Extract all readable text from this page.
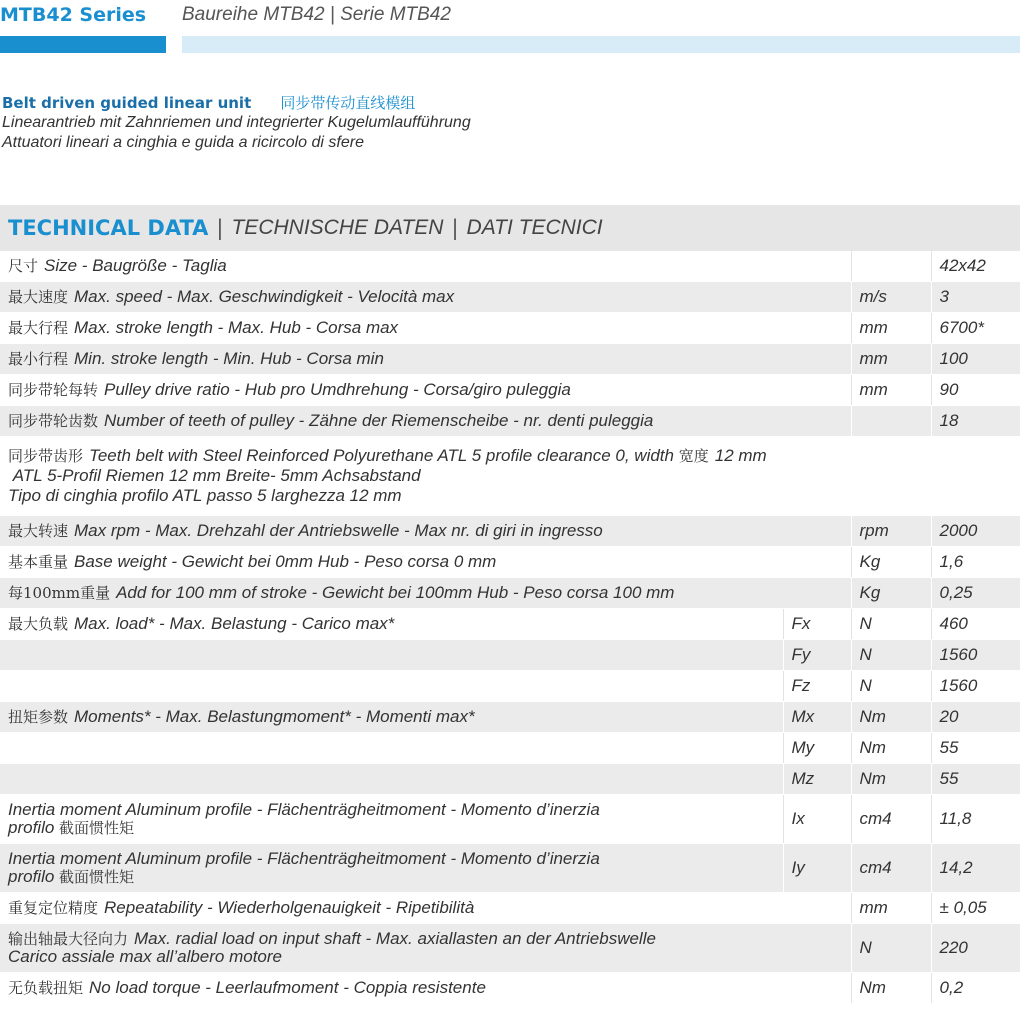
MTB42 Series Baureihe MTB42 | Serie MTB42
Belt driven guided linear unit 同步带传动直线模组
Linearantrieb mit Zahnriemen und integrierter Kugelumlaufführung
Attuatori lineari a cinghia e guida a ricircolo di sfere
TECHNICAL DATA | TECHNISCHE DATEN | DATI TECNICI
尺寸 Size - Baugröße - Taglia			42x42
最大速度 Max. speed - Max. Geschwindigkeit - Velocità max		m/s	3
最大行程 Max. stroke length - Max. Hub - Corsa max		mm	6700*
最小行程 Min. stroke length - Min. Hub - Corsa min		mm	100
同步带轮每转 Pulley drive ratio - Hub pro Umdhrehung - Corsa/giro puleggia		mm	90
同步带轮齿数 Number of teeth of pulley - Zähne der Riemenscheibe - nr. denti puleggia			18

同步带齿形 Teeth belt with Steel Reinforced Polyurethane ATL 5 profile clearance 0, width 宽度 12 mm
ATL 5-Profil Riemen 12 mm Breite- 5mm Achsabstand
Tipo di cinghia profilo ATL passo 5 larghezza 12 mm			

最大转速 Max rpm - Max. Drehzahl der Antriebswelle - Max nr. di giri in ingresso		rpm	2000
基本重量 Base weight - Gewicht bei 0mm Hub - Peso corsa 0 mm		Kg	1,6
每100mm重量 Add for 100 mm of stroke - Gewicht bei 100mm Hub - Peso corsa 100 mm		Kg	0,25
最大负载 Max. load* - Max. Belastung - Carico max*	Fx	N	460
	Fy	N	1560
	Fz	N	1560
扭矩参数 Moments* - Max. Belastungmoment* - Momenti max*	Mx	Nm	20
	My	Nm	55
	Mz	Nm	55
Inertia moment Aluminum profile - Flächenträgheitmoment - Momento d’inerzia
profilo 截面惯性矩	Ix	cm4	11,8
Inertia moment Aluminum profile - Flächenträgheitmoment - Momento d’inerzia
profilo 截面惯性矩	Iy	cm4	14,2
重复定位精度 Repeatability - Wiederholgenauigkeit - Ripetibilità		mm	± 0,05
输出轴最大径向力 Max. radial load on input shaft - Max. axiallasten an der Antriebswelle
Carico assiale max all’albero motore		N	220
无负载扭矩 No load torque - Leerlaufmoment - Coppia resistente		Nm	0,2
